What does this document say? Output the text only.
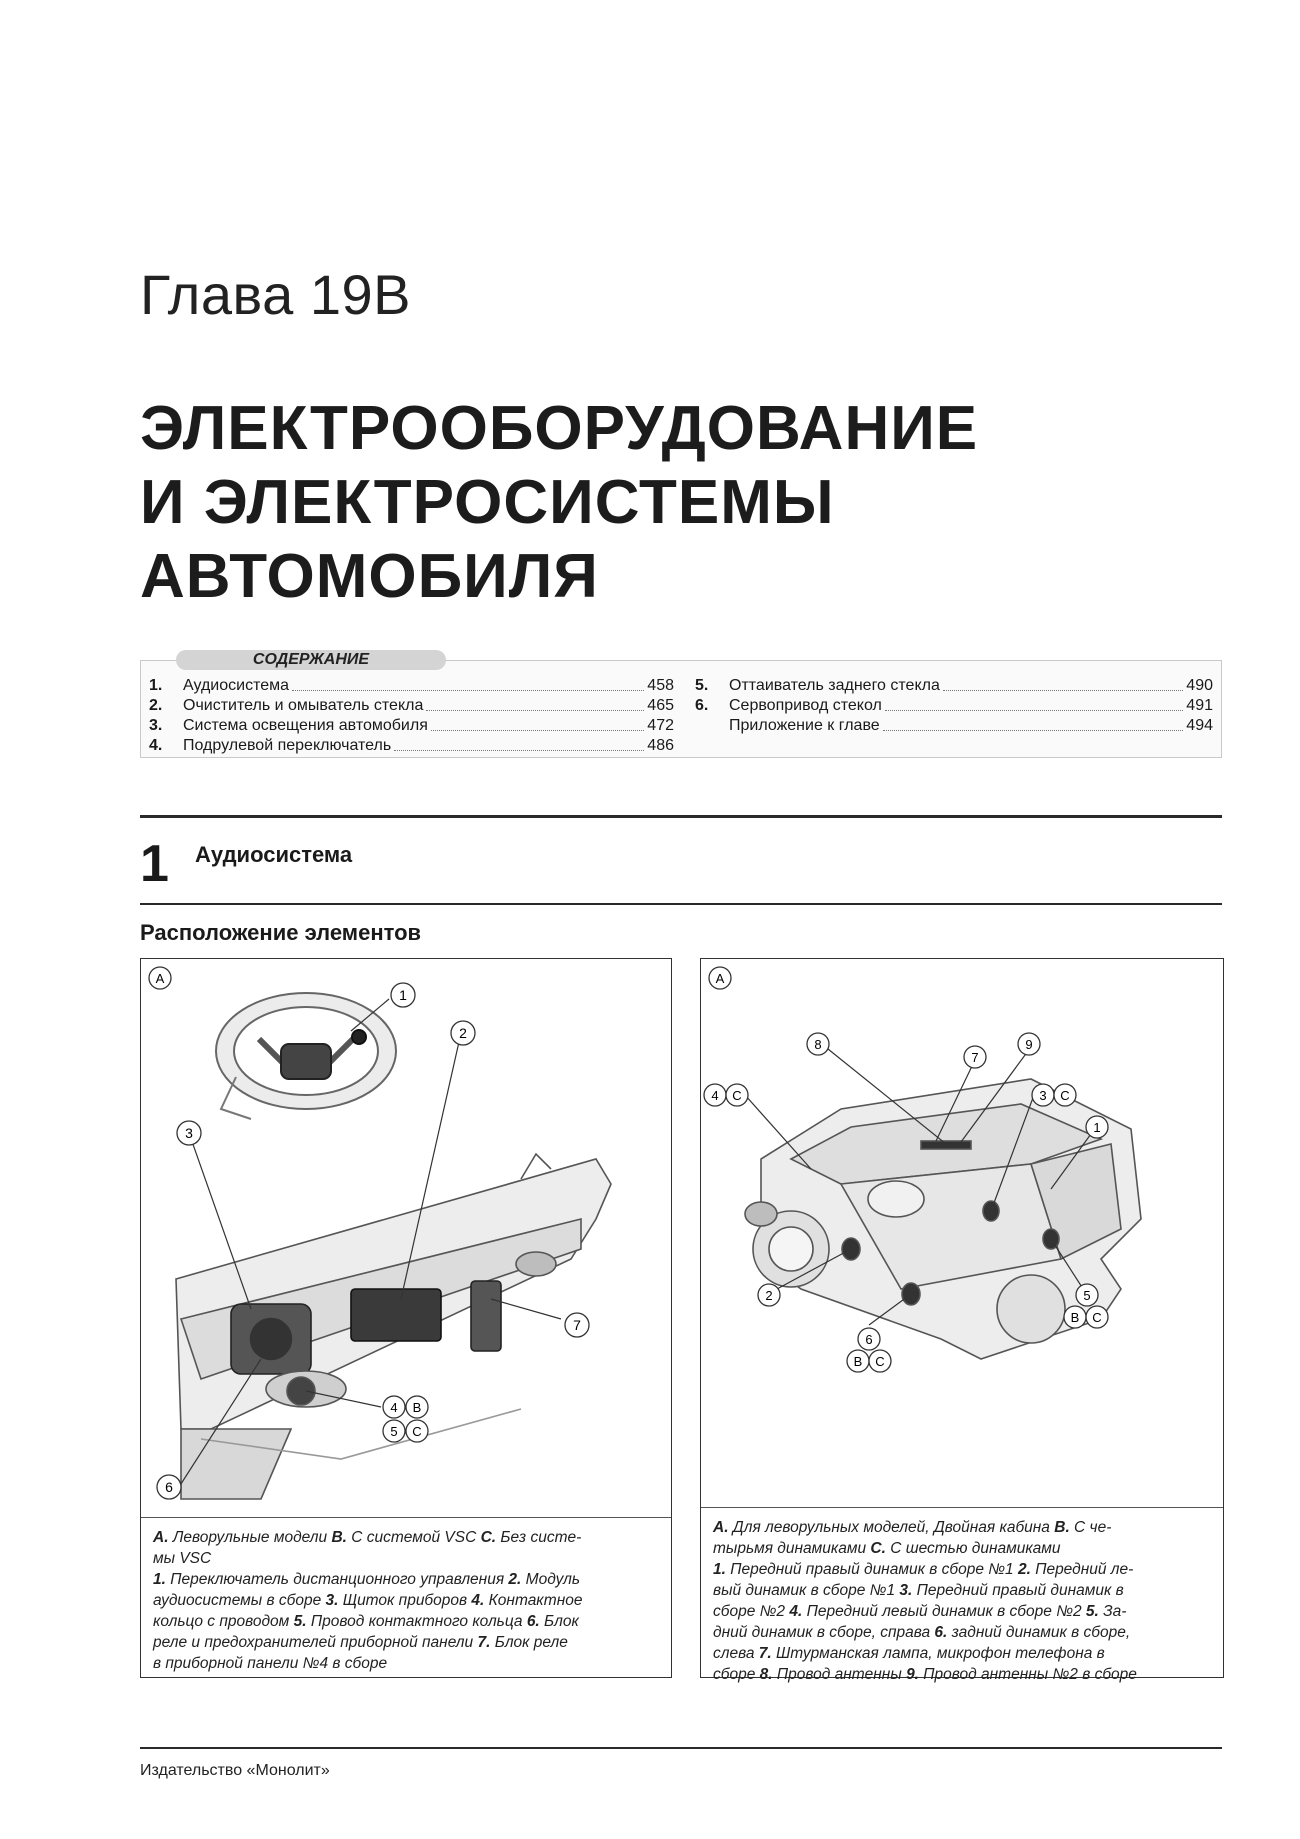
Глава 19В
ЭЛЕКТРООБОРУДОВАНИЕ
И ЭЛЕКТРОСИСТЕМЫ
АВТОМОБИЛЯ
СОДЕРЖАНИЕ
1.	Аудиосистема	458
2.	Очиститель и омыватель стекла	465
3.	Система освещения автомобиля	472
4.	Подрулевой переключатель	486
5.	Оттаиватель заднего стекла	490
6.	Сервопривод стекол	491
Приложение к главе	494
1 Аудиосистема
Расположение элементов
A
1
2
3
4 B
5 C
6
7
A. Леворульные модели B. С системой VSC C. Без систе-
мы VSC
1. Переключатель дистанционного управления 2. Модуль
аудиосистемы в сборе 3. Щиток приборов 4. Контактное
кольцо с проводом 5. Провод контактного кольца 6. Блок
реле и предохранителей приборной панели 7. Блок реле
в приборной панели №4 в сборе
A
8
7
9
4 C	3 C
1
2	5
B C
6
B C
A. Для леворульных моделей, Двойная кабина B. С че-
тырьмя динамиками C. С шестью динамиками
1. Передний правый динамик в сборе №1 2. Передний ле-
вый динамик в сборе №1 3. Передний правый динамик в
сборе №2 4. Передний левый динамик в сборе №2 5. За-
дний динамик в сборе, справа 6. задний динамик в сборе,
слева 7. Штурманская лампа, микрофон телефона в
сборе 8. Провод антенны 9. Провод антенны №2 в сборе
Издательство «Монолит»
